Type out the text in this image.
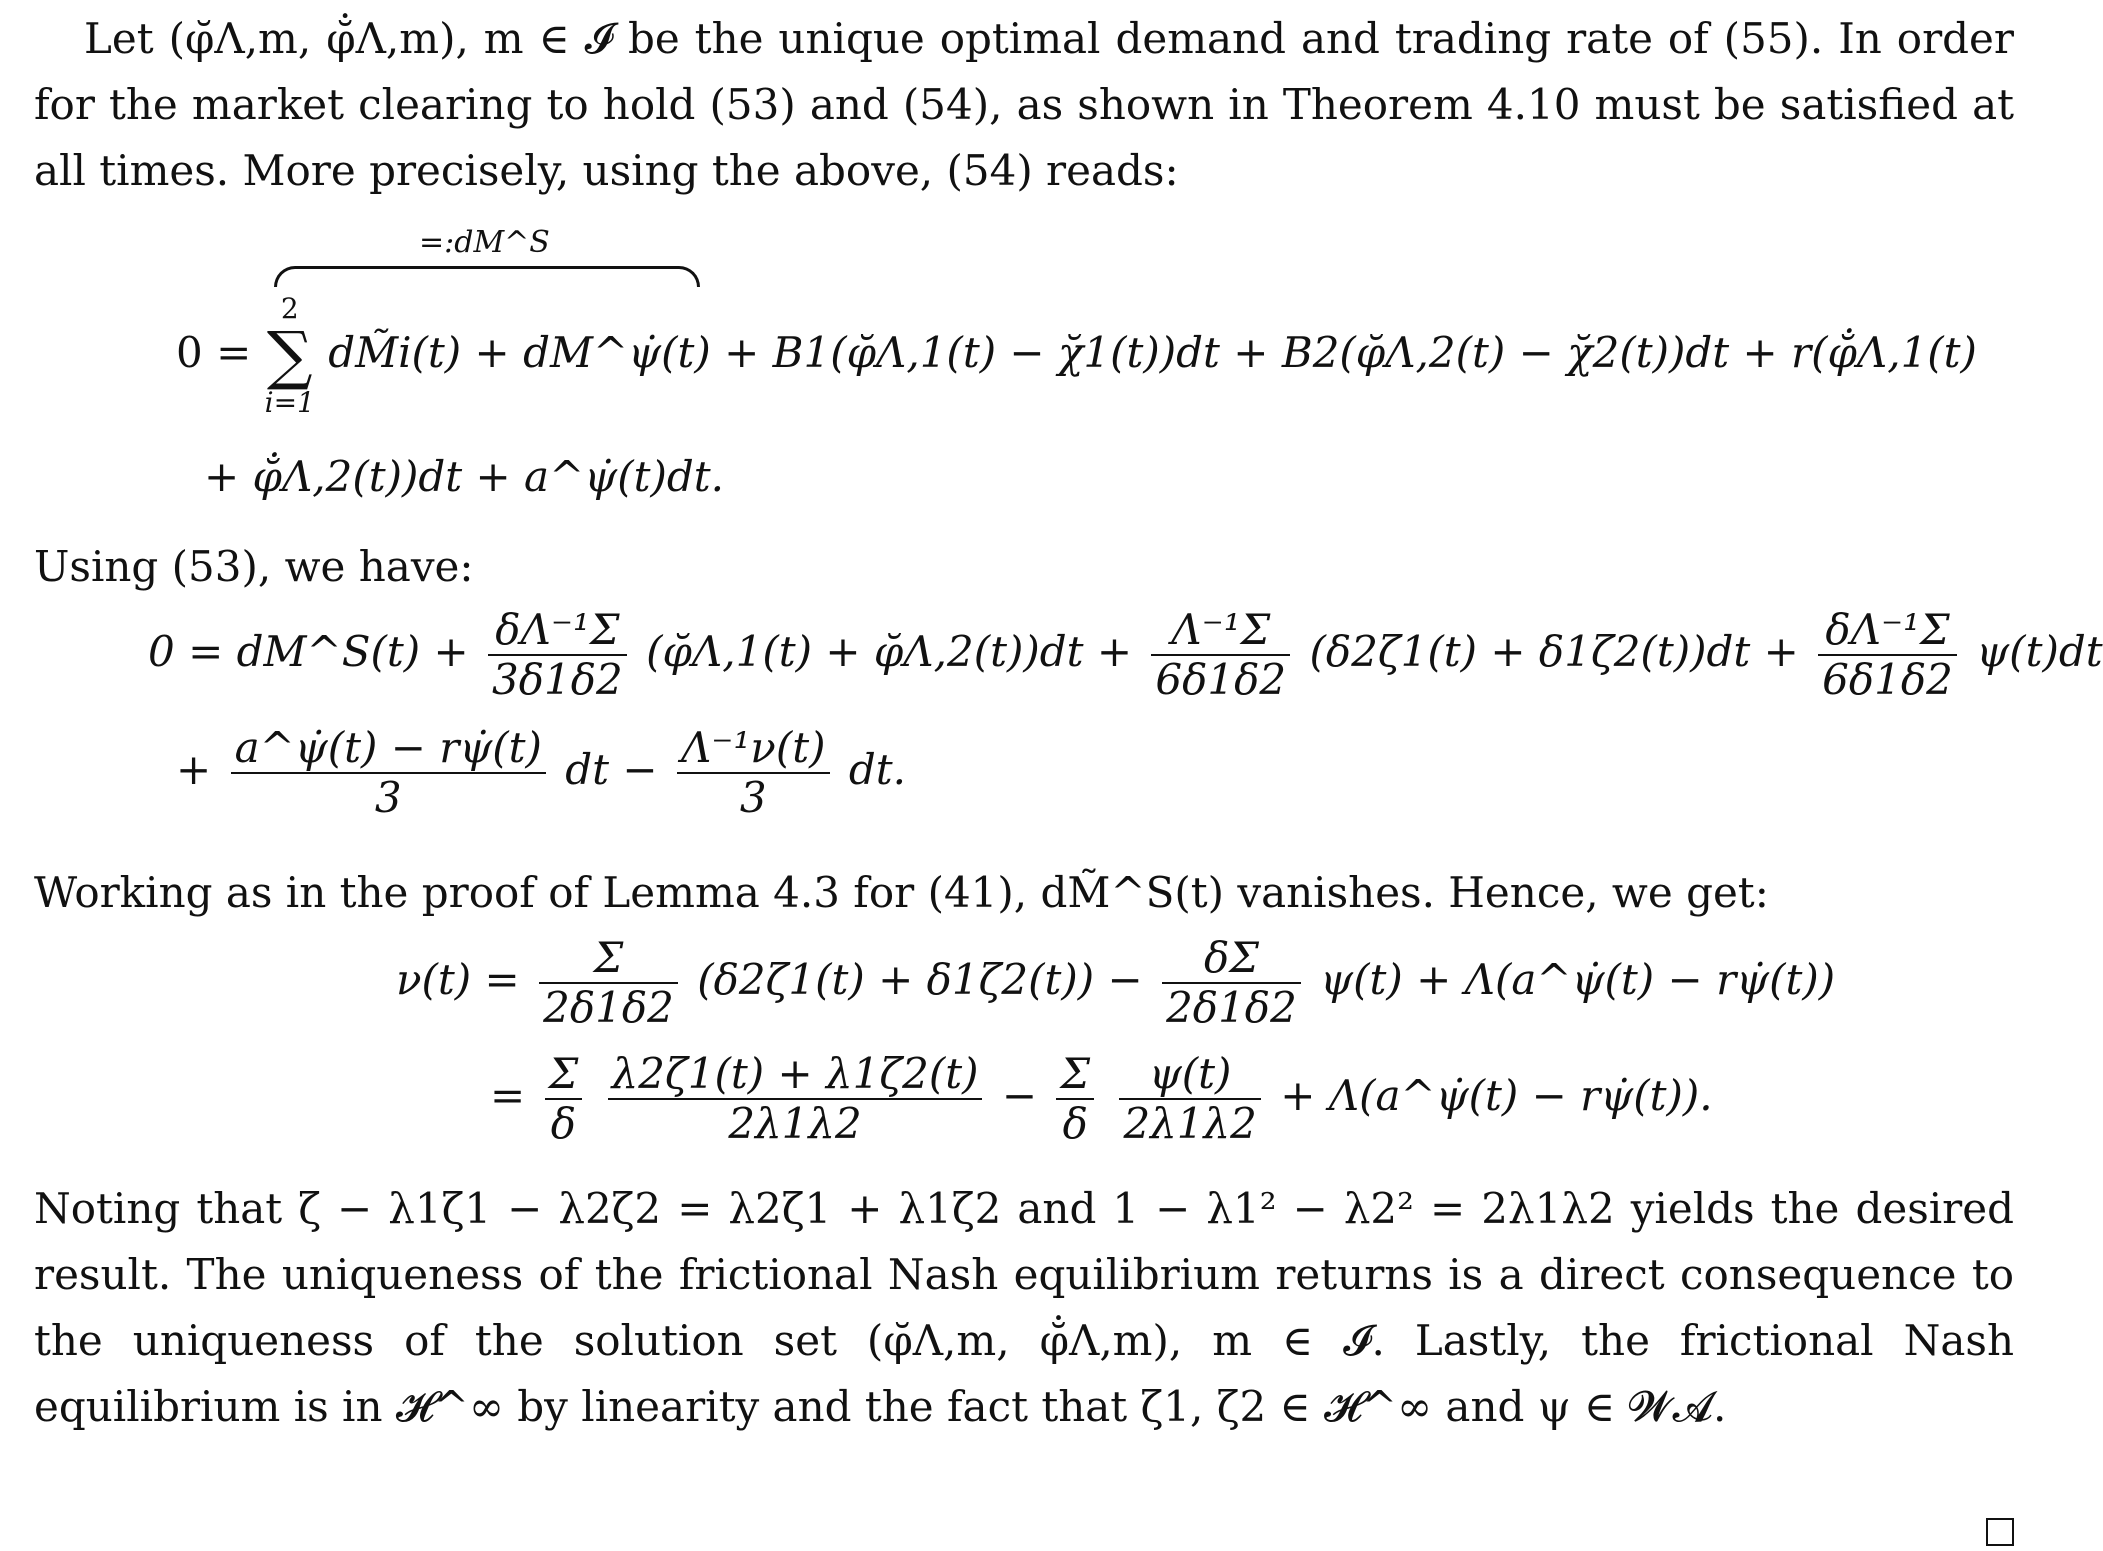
Let (φ̆Λ,m, φ̆̇Λ,m), m ∈ 𝓘 be the unique optimal demand and trading rate of (55). In order for the market clearing to hold (53) and (54), as shown in Theorem 4.10 must be satisfied at all times. More precisely, using the above, (54) reads:

=:dM^S
0 =
2
∑
i=1
dM̃i(t) + dM^ψ̇(t) + B1(φ̆Λ,1(t) − χ̆1(t))dt + B2(φ̆Λ,2(t) − χ̆2(t))dt + r(φ̆̇Λ,1(t)
+ φ̆̇Λ,2(t))dt + a^ψ̇(t)dt.

Using (53), we have:

0 = dM^S(t) + $\frac{\text{δΛ⁻¹Σ}}{3\delta 1\delta 2}$ (φ̆Λ,1(t) + φ̆Λ,2(t))dt + $\frac{\text{Λ⁻¹Σ}}{6\delta 1\delta 2} (\delta 2\zeta 1(t) + \delta 1\zeta 2(t))dt + \frac{\text{δΛ⁻¹Σ}}{6\delta 1\delta 2} \psi(t)dt$
+ $\frac{a\^{}\psi̇(t) - r\psi̇(t)}{3}$ dt − $\frac{\text{Λ⁻¹ν(t)}}{3}$ dt.

Working as in the proof of Lemma 4.3 for (41), dM̃^S(t) vanishes. Hence, we get:

$\nu(t) = \frac{\Sigma}{2\delta 1\delta 2} (\delta 2\zeta 1(t) + \delta 1\zeta 2(t)) - \frac{\delta\Sigma}{2\delta 1\delta 2} \psi(t)$ + Λ(a^ψ̇(t) − rψ̇(t))
= $\frac{\Sigma}{\delta}$
$\frac{\lambda 2\zeta 1(t) + \lambda 1\zeta 2(t)}{2\lambda 1\lambda 2} - \frac{\Sigma}{\delta}$
$\frac{\psi(t)}{2\lambda 1\lambda 2}$ + Λ(a^ψ̇(t) − rψ̇(t)).

Noting that ζ − λ1ζ1 − λ2ζ2 = λ2ζ1 + λ1ζ2 and 1 − λ1² − λ2² = 2λ1λ2 yields the desired result. The uniqueness of the frictional Nash equilibrium returns is a direct consequence to the uniqueness of the solution set (φ̆Λ,m, φ̆̇Λ,m), m ∈ 𝓘. Lastly, the frictional Nash equilibrium is in 𝓗^∞ by linearity and the fact that ζ1, ζ2 ∈ 𝓗^∞ and ψ ∈ 𝓦𝓐.
